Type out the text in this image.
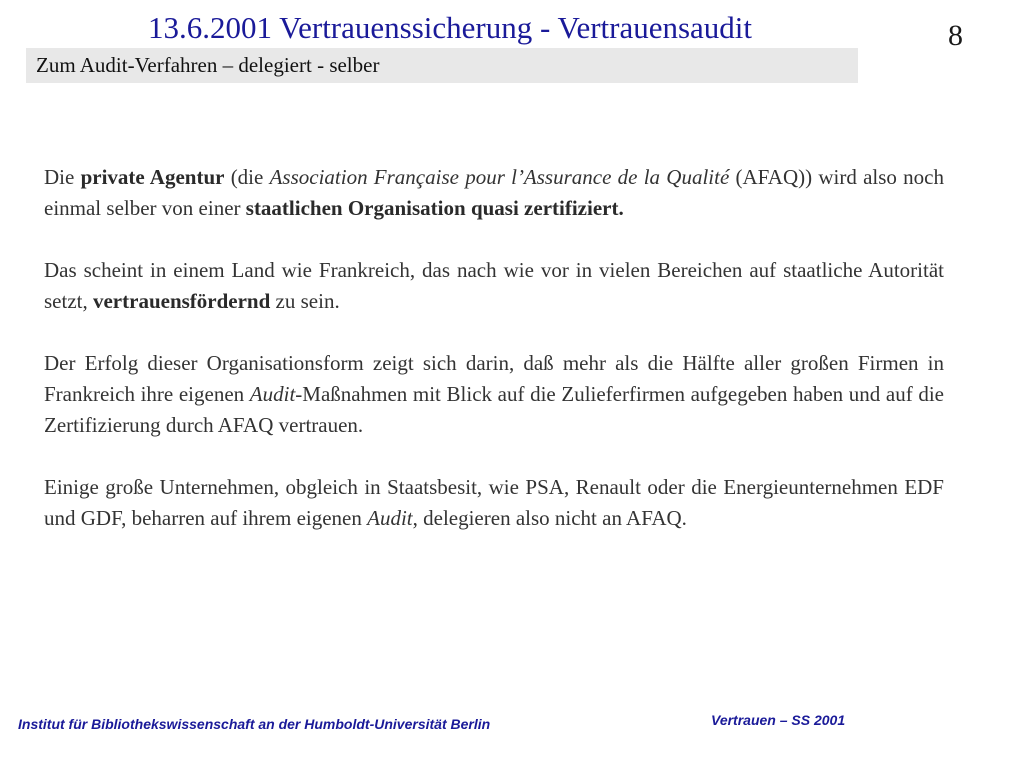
13.6.2001 Vertrauenssicherung - Vertrauensaudit	8
Zum Audit-Verfahren – delegiert - selber

Die private Agentur (die Association Française pour l’Assurance de la Qualité (AFAQ)) wird also noch einmal selber von einer staatlichen Organisation quasi zertifiziert.

Das scheint in einem Land wie Frankreich, das nach wie vor in vielen Bereichen auf staatliche Autorität setzt, vertrauensfördernd zu sein.

Der Erfolg dieser Organisationsform zeigt sich darin, daß mehr als die Hälfte aller großen Firmen in Frankreich ihre eigenen Audit-Maßnahmen mit Blick auf die Zulieferfirmen aufgegeben haben und auf die Zertifizierung durch AFAQ vertrauen.

Einige große Unternehmen, obgleich in Staatsbesit, wie PSA, Renault oder die Energieunternehmen EDF und GDF, beharren auf ihrem eigenen Audit, delegieren also nicht an AFAQ.

Institut für Bibliothekswissenschaft an der Humboldt-Universität Berlin	Vertrauen – SS 2001
